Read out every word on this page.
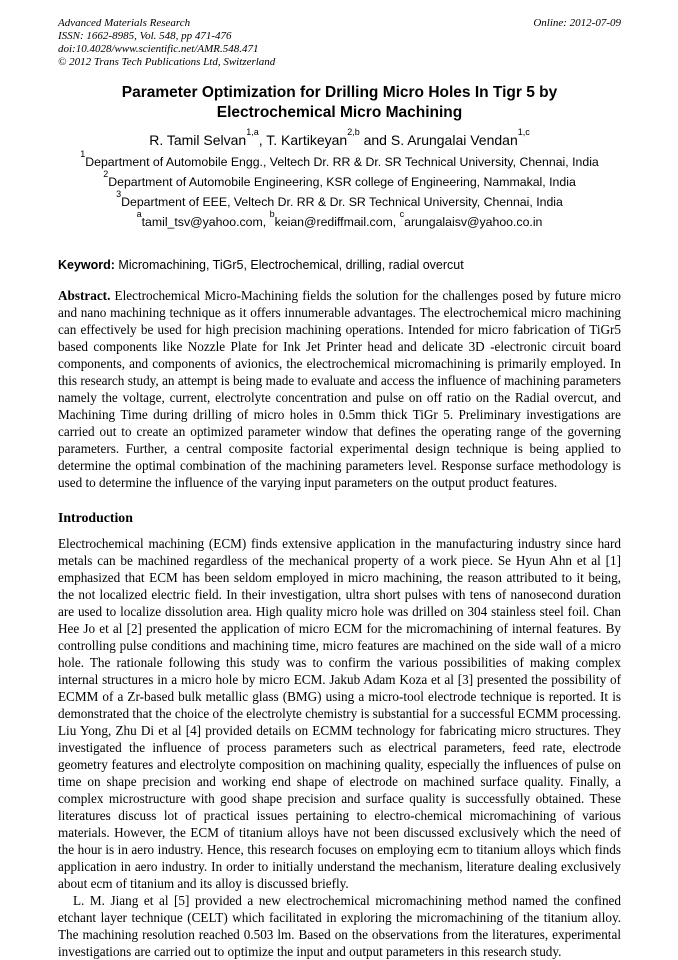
Advanced Materials Research
ISSN: 1662-8985, Vol. 548, pp 471-476
doi:10.4028/www.scientific.net/AMR.548.471
© 2012 Trans Tech Publications Ltd, Switzerland
Online: 2012-07-09
Parameter Optimization for Drilling Micro Holes In Tigr 5 by
Electrochemical Micro Machining
R. Tamil Selvan$^{1,a}$, T. Kartikeyan$^{2,b}$ and S. Arungalai Vendan$^{1,c}$
$^1$Department of Automobile Engg., Veltech Dr. RR & Dr. SR Technical University, Chennai, India
$^2$Department of Automobile Engineering, KSR college of Engineering, Nammakal, India
$^3$Department of EEE, Veltech Dr. RR & Dr. SR Technical University, Chennai, India
$^a$tamil_tsv@yahoo.com, $^b$keian@rediffmail.com, $^c$arungalaisv@yahoo.co.in
Keyword: Micromachining, TiGr5, Electrochemical, drilling, radial overcut

Abstract. Electrochemical Micro-Machining fields the solution for the challenges posed by future micro and nano machining technique as it offers innumerable advantages. The electrochemical micro machining can effectively be used for high precision machining operations. Intended for micro fabrication of TiGr5 based components like Nozzle Plate for Ink Jet Printer head and delicate 3D -electronic circuit board components, and components of avionics, the electrochemical micromachining is primarily employed. In this research study, an attempt is being made to evaluate and access the influence of machining parameters namely the voltage, current, electrolyte concentration and pulse on off ratio on the Radial overcut, and Machining Time during drilling of micro holes in 0.5mm thick TiGr 5. Preliminary investigations are carried out to create an optimized parameter window that defines the operating range of the governing parameters. Further, a central composite factorial experimental design technique is being applied to determine the optimal combination of the machining parameters level. Response surface methodology is used to determine the influence of the varying input parameters on the output product features.

Introduction

Electrochemical machining (ECM) finds extensive application in the manufacturing industry since hard metals can be machined regardless of the mechanical property of a work piece. Se Hyun Ahn et al [1] emphasized that ECM has been seldom employed in micro machining, the reason attributed to it being, the not localized electric field. In their investigation, ultra short pulses with tens of nanosecond duration are used to localize dissolution area. High quality micro hole was drilled on 304 stainless steel foil. Chan Hee Jo et al [2] presented the application of micro ECM for the micromachining of internal features. By controlling pulse conditions and machining time, micro features are machined on the side wall of a micro hole. The rationale following this study was to confirm the various possibilities of making complex internal structures in a micro hole by micro ECM. Jakub Adam Koza et al [3] presented the possibility of ECMM of a Zr-based bulk metallic glass (BMG) using a micro-tool electrode technique is reported. It is demonstrated that the choice of the electrolyte chemistry is substantial for a successful ECMM processing. Liu Yong, Zhu Di et al [4] provided details on ECMM technology for fabricating micro structures. They investigated the influence of process parameters such as electrical parameters, feed rate, electrode geometry features and electrolyte composition on machining quality, especially the influences of pulse on time on shape precision and working end shape of electrode on machined surface quality. Finally, a complex microstructure with good shape precision and surface quality is successfully obtained. These literatures discuss lot of practical issues pertaining to electro-chemical micromachining of various materials. However, the ECM of titanium alloys have not been discussed exclusively which the need of the hour is in aero industry. Hence, this research focuses on employing ecm to titanium alloys which finds application in aero industry. In order to initially understand the mechanism, literature dealing exclusively about ecm of titanium and its alloy is discussed briefly.

L. M. Jiang et al [5] provided a new electrochemical micromachining method named the confined etchant layer technique (CELT) which facilitated in exploring the micromachining of the titanium alloy. The machining resolution reached 0.503 lm. Based on the observations from the literatures, experimental investigations are carried out to optimize the input and output parameters in this research study.
